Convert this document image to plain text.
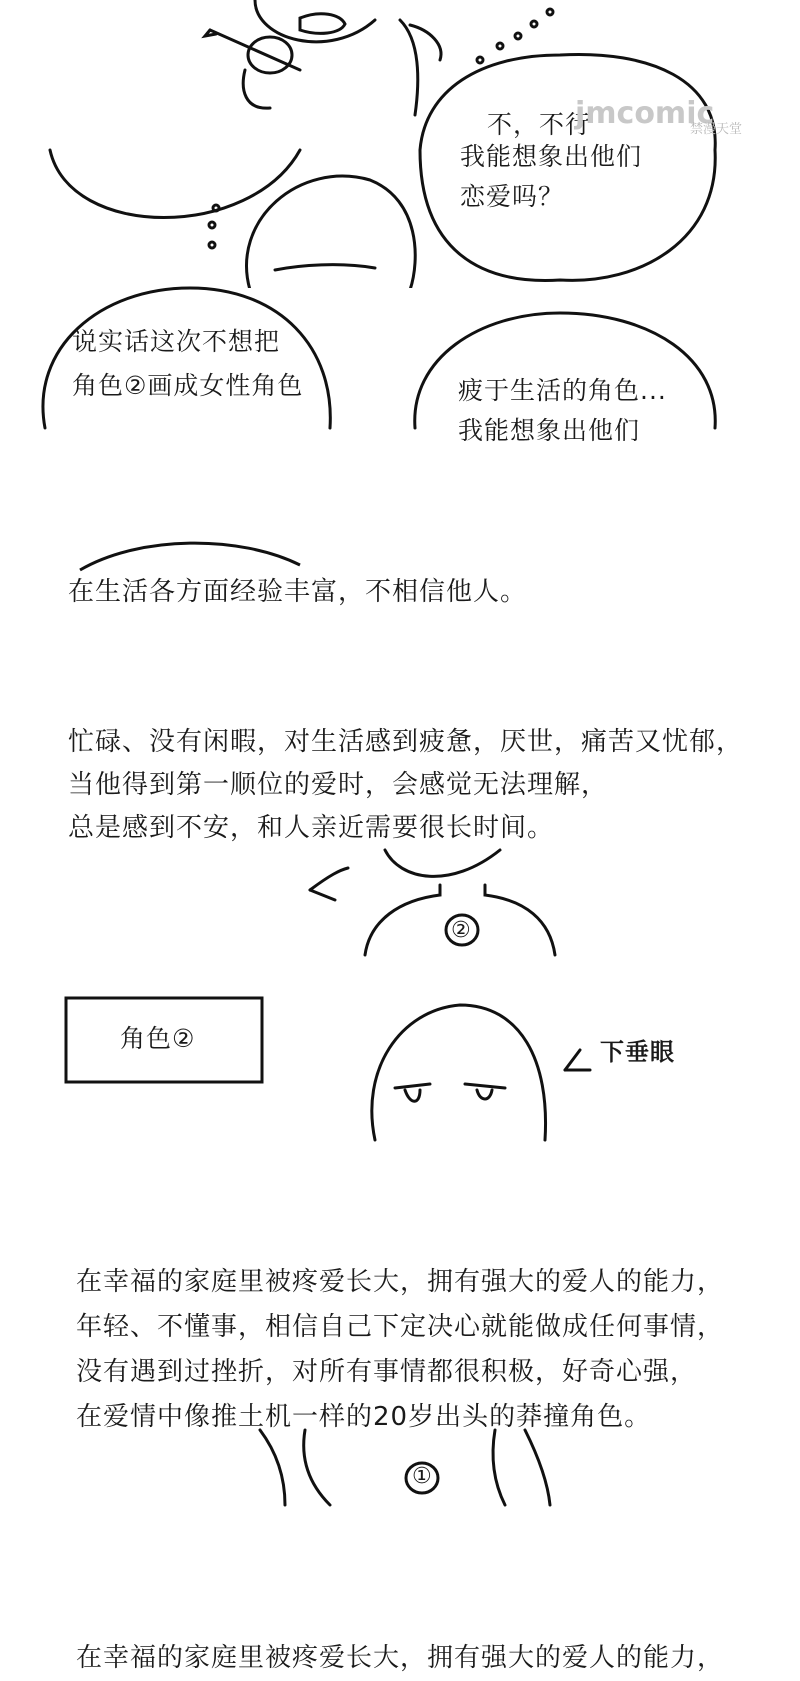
不，不行
我能想象出他们
恋爱吗？
jmcomic
禁漫天堂
说实话这次不想把
角色②画成女性角色	疲于生活的角色...
我能想象出他们
在生活各方面经验丰富，不相信他人。
忙碌、没有闲暇，对生活感到疲惫，厌世，痛苦又忧郁，
当他得到第一顺位的爱时，会感觉无法理解，
总是感到不安，和人亲近需要很长时间。
②
角色②	下垂眼
在幸福的家庭里被疼爱长大，拥有强大的爱人的能力，
年轻、不懂事，相信自己下定决心就能做成任何事情，
没有遇到过挫折，对所有事情都很积极，好奇心强，
在爱情中像推土机一样的20岁出头的莽撞角色。
①
在幸福的家庭里被疼爱长大，拥有强大的爱人的能力，
